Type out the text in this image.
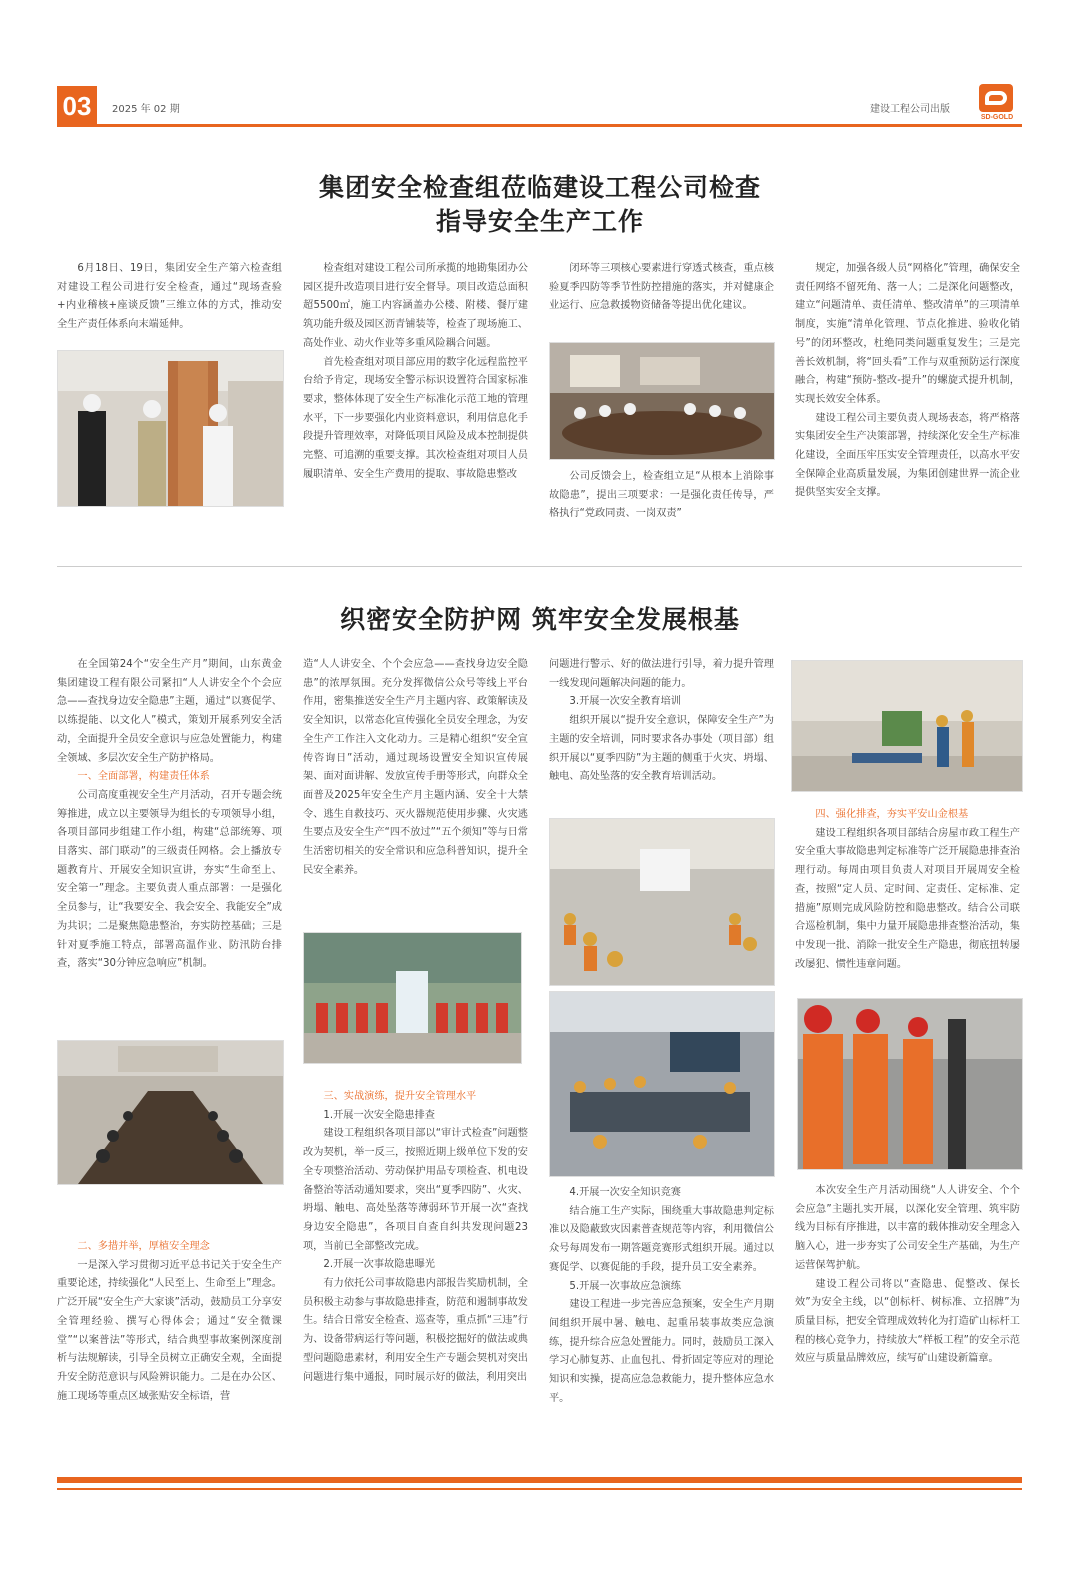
03	2025 年 02 期	建设工程公司出版
SD-GOLD
集团安全检查组莅临建设工程公司检查
指导安全生产工作

6月18日、19日，集团安全生产第六检查组对建设工程公司进行安全检查，通过“现场查验+内业稽核+座谈反馈”三维立体的方式，推动安全生产责任体系向末端延伸。

检查组对建设工程公司所承揽的地勘集团办公园区提升改造项目进行安全督导。项目改造总面积超5500㎡，施工内容涵盖办公楼、附楼、餐厅建筑功能升级及园区沥青铺装等，检查了现场施工、高处作业、动火作业等多重风险耦合问题。

首先检查组对项目部应用的数字化远程监控平台给予肯定，现场安全警示标识设置符合国家标准要求，整体体现了安全生产标准化示范工地的管理水平，下一步要强化内业资料意识，利用信息化手段提升管理效率，对降低项目风险及成本控制提供完整、可追溯的重要支撑。其次检查组对项目人员履职清单、安全生产费用的提取、事故隐患整改

闭环等三项核心要素进行穿透式核查，重点核验夏季四防等季节性防控措施的落实，并对健康企业运行、应急救援物资储备等提出优化建议。

公司反馈会上，检查组立足“从根本上消除事故隐患”，提出三项要求：一是强化责任传导，严格执行“党政同责、一岗双责”

规定，加强各级人员“网格化”管理，确保安全责任网络不留死角、落一人；二是深化问题整改，建立“问题清单、责任清单、整改清单”的三项清单制度，实施“清单化管理、节点化推进、验收化销号”的闭环整改，杜绝同类问题重复发生；三是完善长效机制，将“回头看”工作与双重预防运行深度融合，构建“预防-整改-提升”的螺旋式提升机制，实现长效安全体系。

建设工程公司主要负责人现场表态，将严格落实集团安全生产决策部署，持续深化安全生产标准化建设，全面压牢压实安全管理责任，以高水平安全保障企业高质量发展，为集团创建世界一流企业提供坚实安全支撑。

织密安全防护网 筑牢安全发展根基

在全国第24个“安全生产月”期间，山东黄金集团建设工程有限公司紧扣“人人讲安全个个会应急——查找身边安全隐患”主题，通过“以赛促学、以练提能、以文化人”模式，策划开展系列安全活动，全面提升全员安全意识与应急处置能力，构建全领域、多层次安全生产防护格局。

一、全面部署，构建责任体系

公司高度重视安全生产月活动，召开专题会统筹推进，成立以主要领导为组长的专项领导小组，各项目部同步组建工作小组，构建“总部统筹、项目落实、部门联动”的三级责任网格。会上播放专题教育片、开展安全知识宣讲，夯实“生命至上、安全第一”理念。主要负责人重点部署：一是强化全员参与，让“我要安全、我会安全、我能安全”成为共识；二是聚焦隐患整治，夯实防控基础；三是针对夏季施工特点，部署高温作业、防汛防台排查，落实“30分钟应急响应”机制。

二、多措并举，厚植安全理念

一是深入学习贯彻习近平总书记关于安全生产重要论述，持续强化“人民至上、生命至上”理念。广泛开展“安全生产大家谈”活动，鼓励员工分享安全管理经验、撰写心得体会；通过“安全微课堂”“以案普法”等形式，结合典型事故案例深度剖析与法规解读，引导全员树立正确安全观，全面提升安全防范意识与风险辨识能力。二是在办公区、施工现场等重点区域张贴安全标语，营

造“人人讲安全、个个会应急——查找身边安全隐患”的浓厚氛围。充分发挥微信公众号等线上平台作用，密集推送安全生产月主题内容、政策解读及安全知识，以常态化宣传强化全员安全理念，为安全生产工作注入文化动力。三是精心组织“安全宣传咨询日”活动，通过现场设置安全知识宣传展架、面对面讲解、发放宣传手册等形式，向群众全面普及2025年安全生产月主题内涵、安全十大禁令、逃生自救技巧、灭火器规范使用步骤、火灾逃生要点及安全生产“四不放过”“五个须知”等与日常生活密切相关的安全常识和应急科普知识，提升全民安全素养。

三、实战演练，提升安全管理水平

1.开展一次安全隐患排查

建设工程组织各项目部以“审计式检查”问题整改为契机，举一反三，按照近期上级单位下发的安全专项整治活动、劳动保护用品专项检查、机电设备整治等活动通知要求，突出“夏季四防”、火灾、坍塌、触电、高处坠落等薄弱环节开展一次“查找身边安全隐患”，各项目自查自纠共发现问题23项，当前已全部整改完成。

2.开展一次事故隐患曝光

有力依托公司事故隐患内部报告奖励机制，全员积极主动参与事故隐患排查，防范和遏制事故发生。结合日常安全检查、巡查等，重点抓“三违”行为、设备带病运行等问题，积极挖掘好的做法或典型问题隐患素材，利用安全生产专题会契机对突出问题进行集中通报，同时展示好的做法，利用突出

问题进行警示、好的做法进行引导，着力提升管理一线发现问题解决问题的能力。

3.开展一次安全教育培训

组织开展以“提升安全意识，保障安全生产”为主题的安全培训，同时要求各办事处（项目部）组织开展以“夏季四防”为主题的侧重于火灾、坍塌、触电、高处坠落的安全教育培训活动。

4.开展一次安全知识竞赛

结合施工生产实际，围绕重大事故隐患判定标准以及隐蔽致灾因素普查规范等内容，利用微信公众号每周发布一期答题竞赛形式组织开展。通过以赛促学、以赛促能的手段，提升员工安全素养。

5.开展一次事故应急演练

建设工程进一步完善应急预案，安全生产月期间组织开展中暑、触电、起重吊装事故类应急演练，提升综合应急处置能力。同时，鼓励员工深入学习心肺复苏、止血包扎、骨折固定等应对的理论知识和实操，提高应急急救能力，提升整体应急水平。

四、强化排查，夯实平安山金根基

建设工程组织各项目部结合房屋市政工程生产安全重大事故隐患判定标准等广泛开展隐患排查治理行动。每周由项目负责人对项目开展周安全检查，按照“定人员、定时间、定责任、定标准、定措施”原则完成风险防控和隐患整改。结合公司联合巡检机制，集中力量开展隐患排查整治活动，集中发现一批、消除一批安全生产隐患，彻底扭转屡改屡犯、惯性违章问题。

本次安全生产月活动围绕“人人讲安全、个个会应急”主题扎实开展，以深化安全管理、筑牢防线为目标有序推进，以丰富的载体推动安全理念入脑入心，进一步夯实了公司安全生产基础，为生产运营保驾护航。

建设工程公司将以“查隐患、促整改、保长效”为安全主线，以“创标杆、树标准、立招牌”为质量目标，把安全管理成效转化为打造矿山标杆工程的核心竞争力，持续放大“样板工程”的安全示范效应与质量品牌效应，续写矿山建设新篇章。
